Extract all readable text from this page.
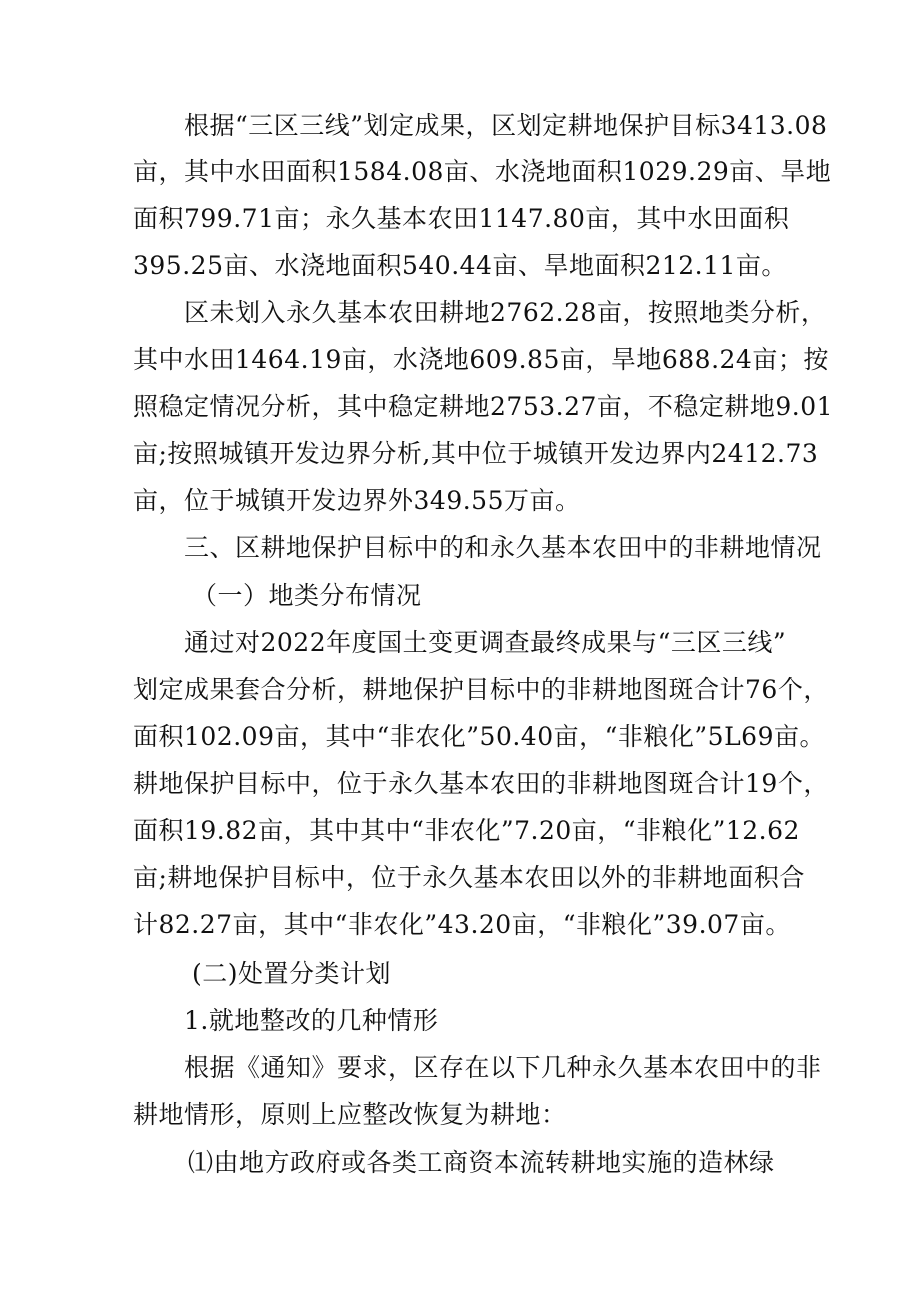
根据“三区三线”划定成果，区划定耕地保护目标3413.08
亩，其中水田面积1584.08亩、水浇地面积1029.29亩、旱地
面积799.71亩；永久基本农田1147.80亩，其中水田面积
395.25亩、水浇地面积540.44亩、旱地面积212.11亩。
区未划入永久基本农田耕地2762.28亩，按照地类分析，
其中水田1464.19亩，水浇地609.85亩，旱地688.24亩；按
照稳定情况分析，其中稳定耕地2753.27亩，不稳定耕地9.01
亩;按照城镇开发边界分析,其中位于城镇开发边界内2412.73
亩，位于城镇开发边界外349.55万亩。
三、区耕地保护目标中的和永久基本农田中的非耕地情况
（一）地类分布情况
通过对2022年度国土变更调查最终成果与“三区三线”
划定成果套合分析，耕地保护目标中的非耕地图斑合计76个，
面积102.09亩，其中“非农化”50.40亩，“非粮化”5L69亩。
耕地保护目标中，位于永久基本农田的非耕地图斑合计19个，
面积19.82亩，其中其中“非农化”7.20亩，“非粮化”12.62
亩;耕地保护目标中，位于永久基本农田以外的非耕地面积合
计82.27亩，其中“非农化”43.20亩，“非粮化”39.07亩。
(二)处置分类计划
1.就地整改的几种情形
根据《通知》要求，区存在以下几种永久基本农田中的非
耕地情形，原则上应整改恢复为耕地：
⑴由地方政府或各类工商资本流转耕地实施的造林绿
